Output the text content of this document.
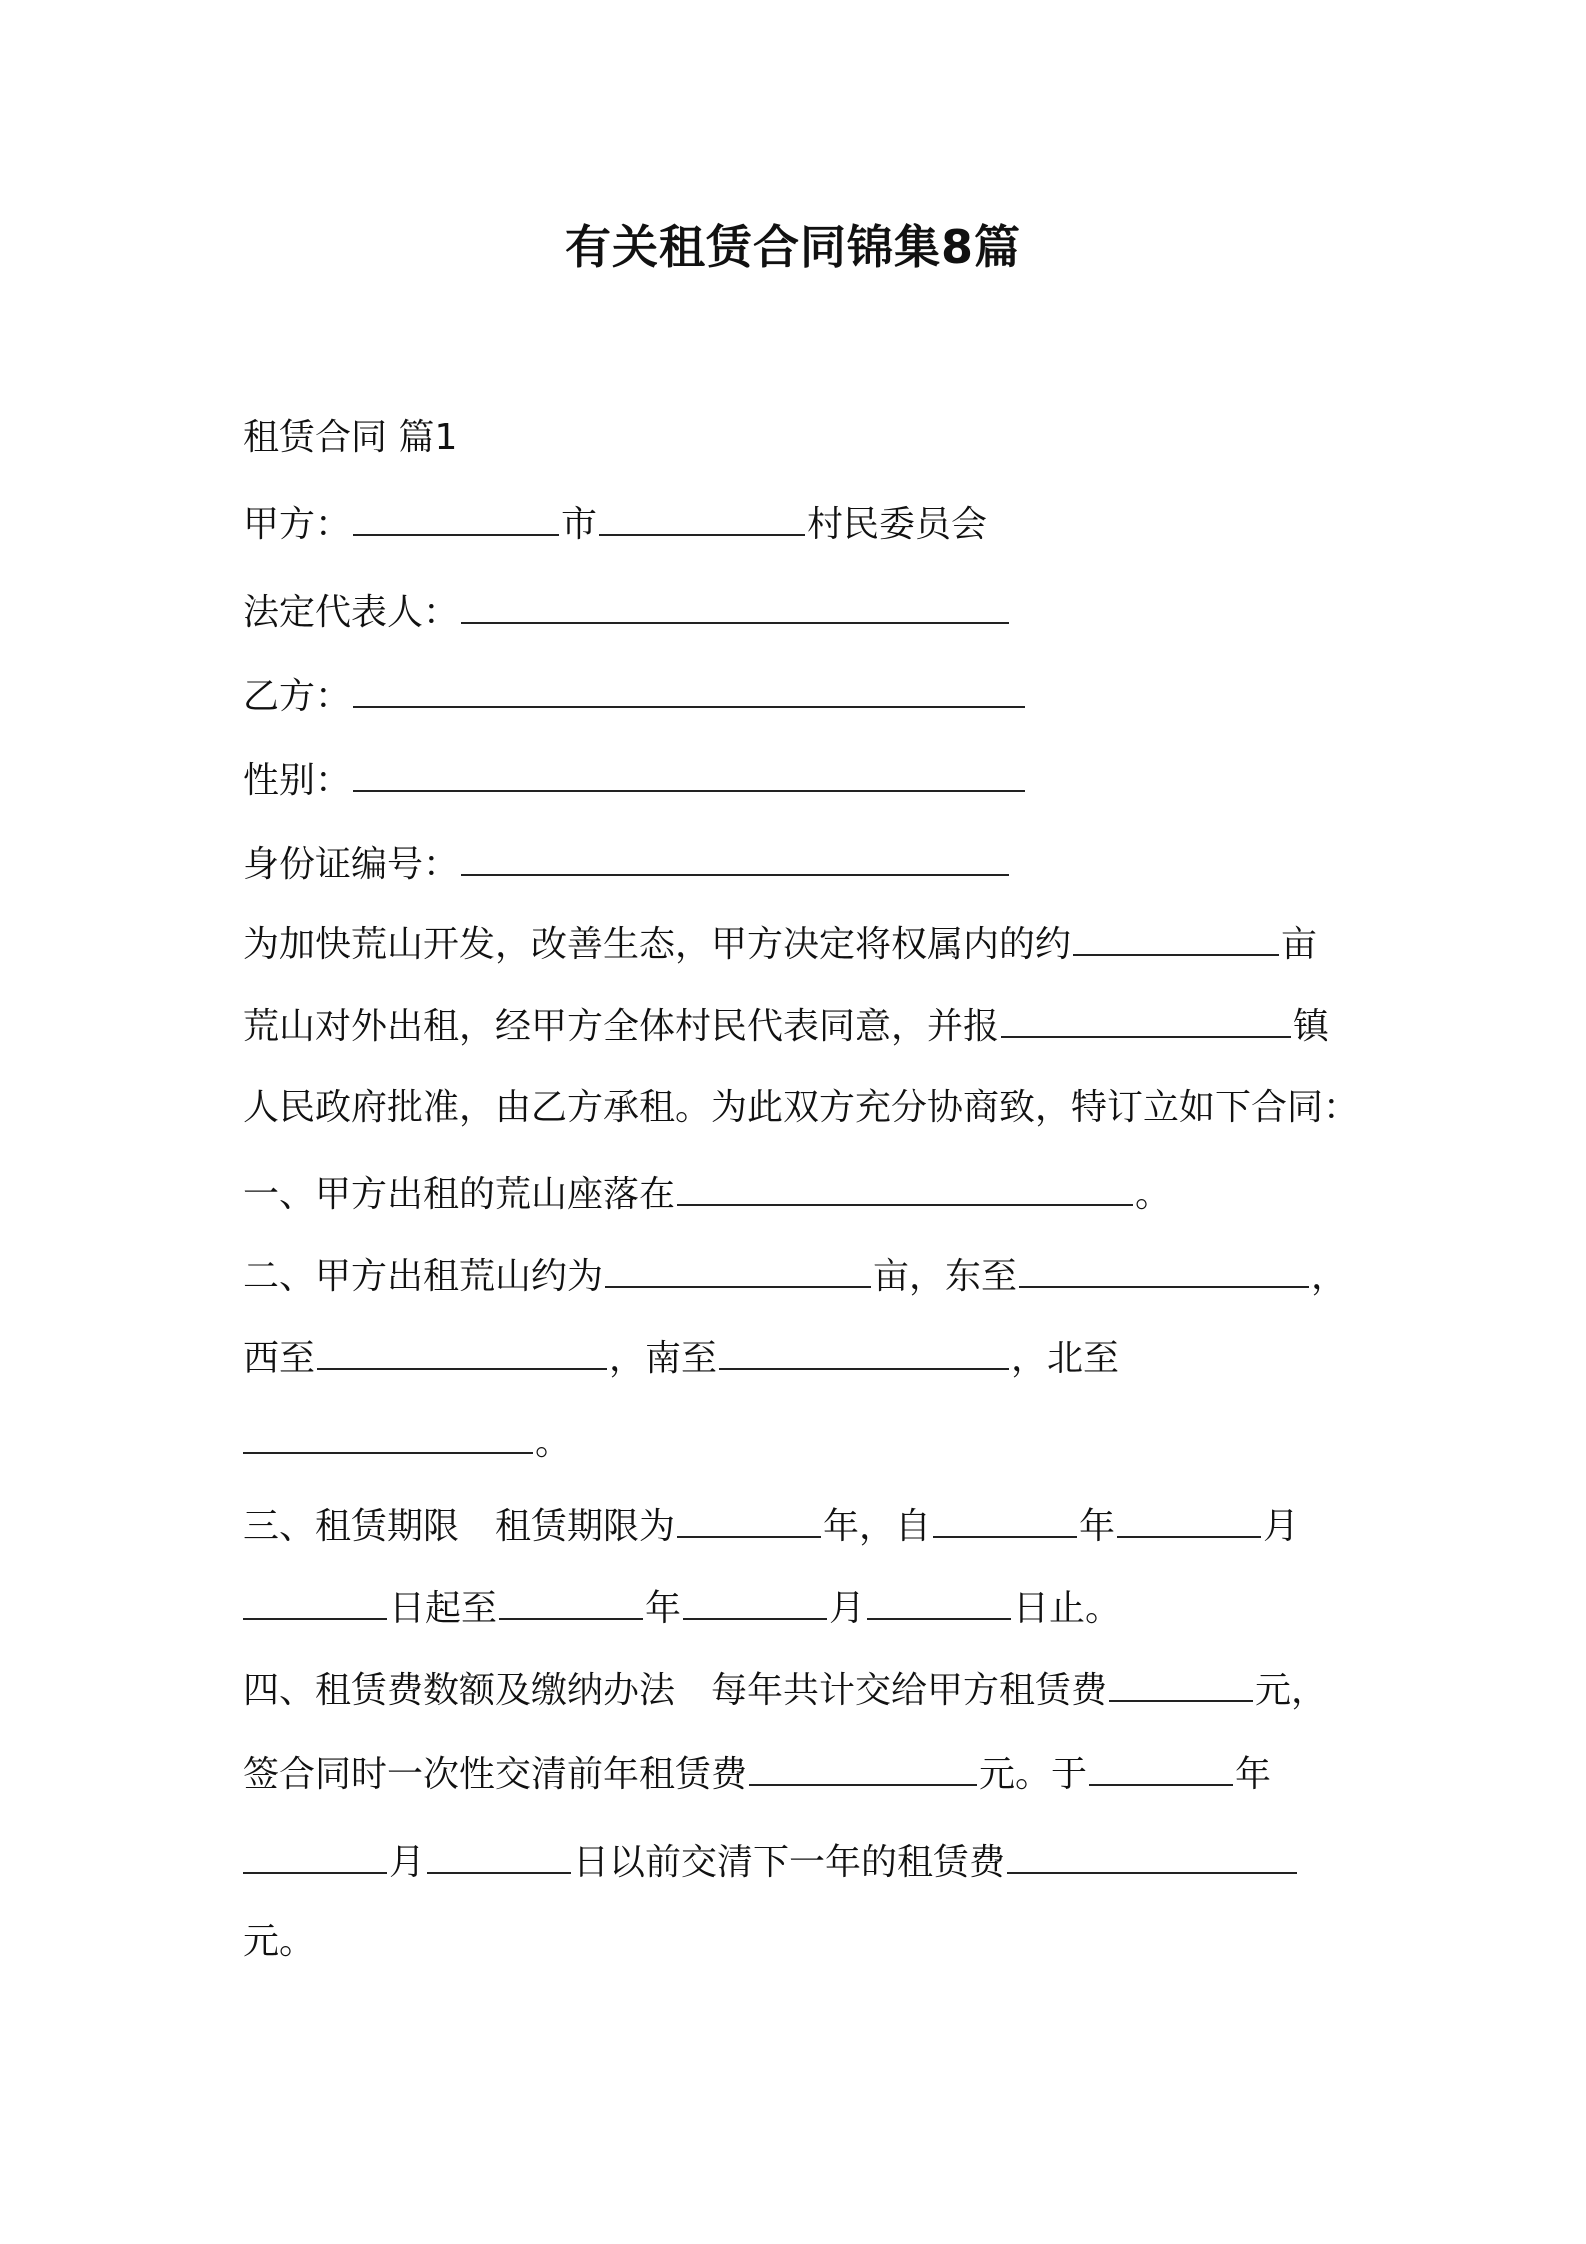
有关租赁合同锦集8篇

租赁合同 篇1

甲方：	市	村民委员会

法定代表人：

乙方：

性别：

身份证编号：

为加快荒山开发，改善生态，甲方决定将权属内的约	亩

荒山对外出租，经甲方全体村民代表同意，并报	镇

人民政府批准，由乙方承租。为此双方充分协商致，特订立如下合同：

一、甲方出租的荒山座落在	。

二、甲方出租荒山约为	亩，东至	，

西至	，南至	，北至

。

三、租赁期限　租赁期限为	年，自	年	月

日起至	年	月	日止。

四、租赁费数额及缴纳办法　每年共计交给甲方租赁费	元，

签合同时一次性交清前年租赁费	元。于	年

月	日以前交清下一年的租赁费

元。
